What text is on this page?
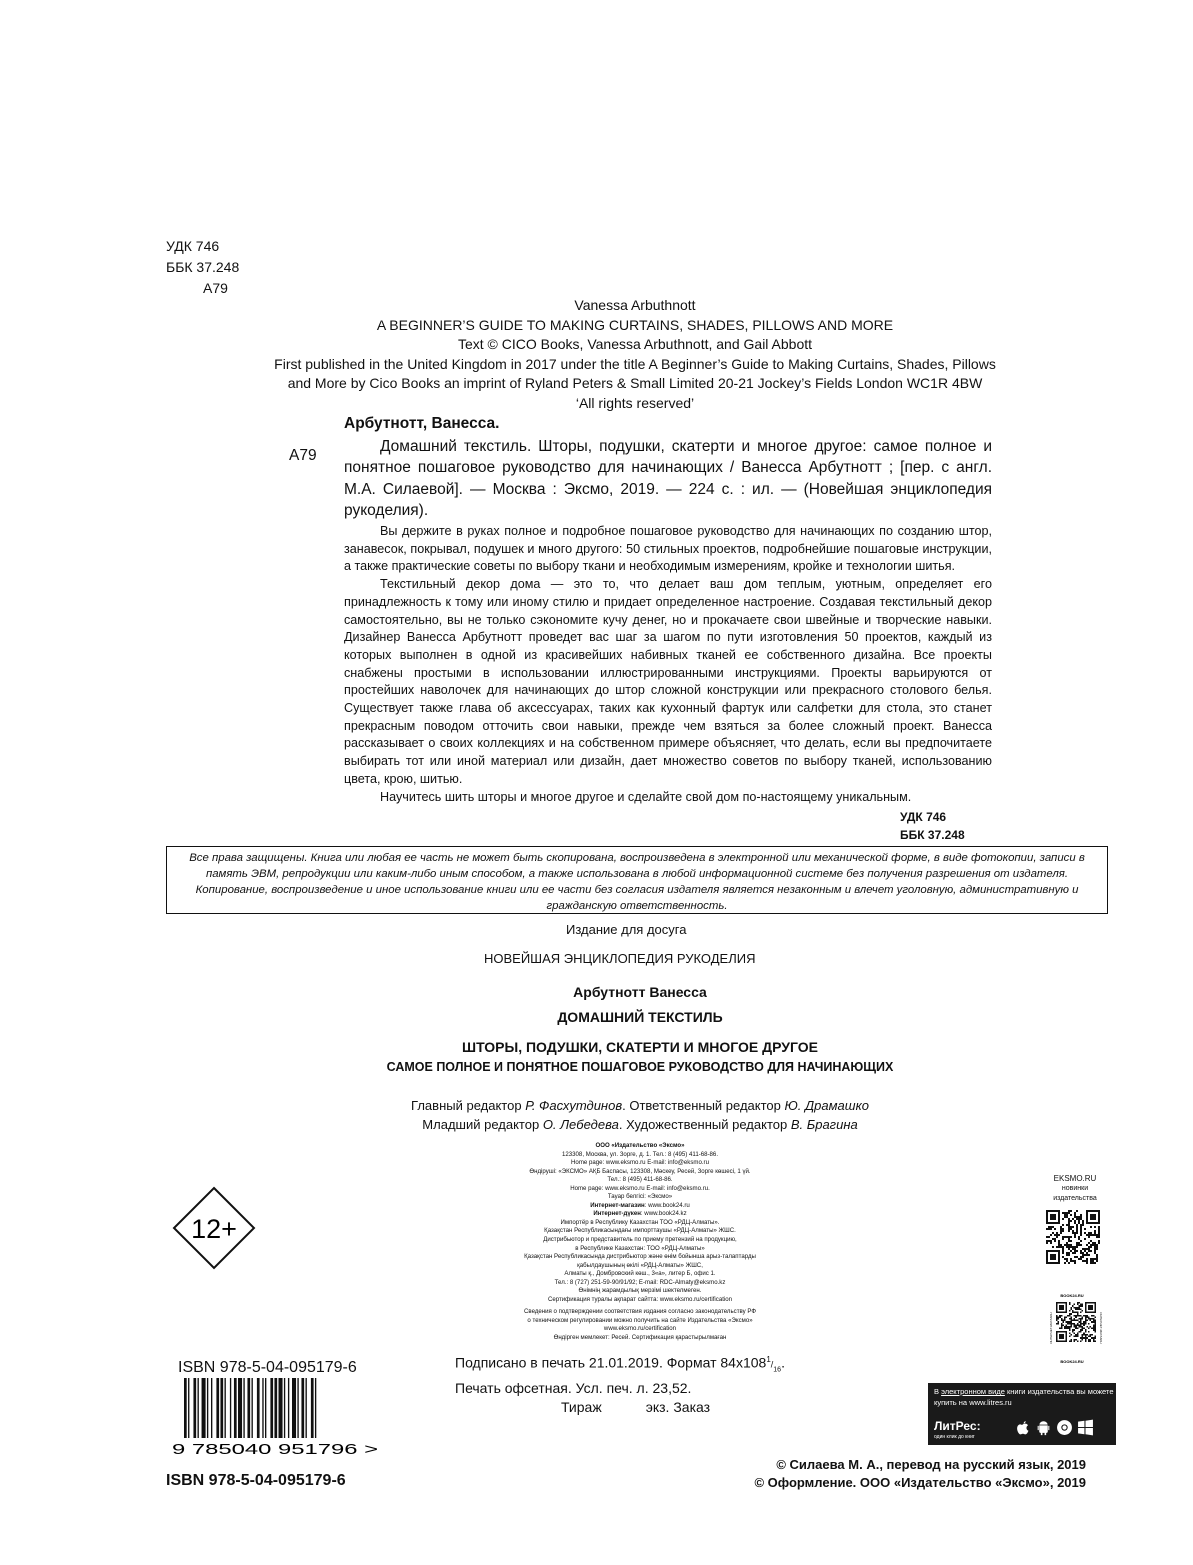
УДК 746
ББК 37.248
А79
Vanessa Arbuthnott
A BEGINNER’S GUIDE TO MAKING CURTAINS, SHADES, PILLOWS AND MORE
Text © CICO Books, Vanessa Arbuthnott, and Gail Abbott
First published in the United Kingdom in 2017 under the title A Beginner’s Guide to Making Curtains, Shades, Pillows
and More by Cico Books an imprint of Ryland Peters & Small Limited 20-21 Jockey’s Fields London WC1R 4BW
‘All rights reserved’
Арбутнотт, Ванесса.
А79

Домашний текстиль. Шторы, подушки, скатерти и многое другое: самое полное и понятное пошаговое руководство для начинающих / Ванесса Арбутнотт ; [пер. с англ. М.А. Силаевой]. — Москва : Эксмо, 2019. — 224 с. : ил. — (Новейшая энциклопедия рукоделия).

Вы держите в руках полное и подробное пошаговое руководство для начинающих по созданию штор, занавесок, покрывал, подушек и много другого: 50 стильных проектов, подробнейшие пошаговые инструкции, а также практические советы по выбору ткани и необходимым измерениям, кройке и технологии шитья.

Текстильный декор дома — это то, что делает ваш дом теплым, уютным, определяет его принадлежность к тому или иному стилю и придает определенное настроение. Создавая текстильный декор самостоятельно, вы не только сэкономите кучу денег, но и прокачаете свои швейные и творческие навыки. Дизайнер Ванесса Арбутнотт проведет вас шаг за шагом по пути изготовления 50 проектов, каждый из которых выполнен в одной из красивейших набивных тканей ее собственного дизайна. Все проекты снабжены простыми в использовании иллюстрированными инструкциями. Проекты варьируются от простейших наволочек для начинающих до штор сложной конструкции или прекрасного столового белья. Существует также глава об аксессуарах, таких как кухонный фартук или салфетки для стола, это станет прекрасным поводом отточить свои навыки, прежде чем взяться за более сложный проект. Ванесса рассказывает о своих коллекциях и на собственном примере объясняет, что делать, если вы предпочитаете выбирать тот или иной материал или дизайн, дает множество советов по выбору тканей, использованию цвета, крою, шитью.

Научитесь шить шторы и многое другое и сделайте свой дом по-настоящему уникальным.

УДК 746
ББК 37.248
Все права защищены. Книга или любая ее часть не может быть скопирована, воспроизведена в электронной или механической форме, в виде фотокопии, записи в память ЭВМ, репродукции или каким-либо иным способом, а также использована в любой информационной системе без получения разрешения от издателя. Копирование, воспроизведение и иное использование книги или ее части без согласия издателя является незаконным и влечет уголовную, административную и гражданскую ответственность.
Издание для досуга
НОВЕЙШАЯ ЭНЦИКЛОПЕДИЯ РУКОДЕЛИЯ
Арбутнотт Ванесса
ДОМАШНИЙ ТЕКСТИЛЬ
ШТОРЫ, ПОДУШКИ, СКАТЕРТИ И МНОГОЕ ДРУГОЕ
САМОЕ ПОЛНОЕ И ПОНЯТНОЕ ПОШАГОВОЕ РУКОВОДСТВО ДЛЯ НАЧИНАЮЩИХ
Главный редактор Р. Фасхутдинов. Ответственный редактор Ю. Драмашко
Младший редактор О. Лебедева. Художественный редактор В. Брагина
ООО «Издательство «Эксмо»
123308, Москва, ул. Зорге, д. 1. Тел.: 8 (495) 411-68-86.
Home page: www.eksmo.ru E-mail: info@eksmo.ru
Өндіруші: «ЭКСМО» АҚБ Баспасы, 123308, Мәскеу, Ресей, Зорге көшесі, 1 үй.
Тел.: 8 (495) 411-68-86.
Home page: www.eksmo.ru E-mail: info@eksmo.ru.
Тауар белгісі: «Эксмо»
Интернет-магазин: www.book24.ru
Интернет-дүкен: www.book24.kz
Импортёр в Республику Казахстан ТОО «РДЦ-Алматы».
Қазақстан Республикасындағы импорттаушы «РДЦ-Алматы» ЖШС.
Дистрибьютор и представитель по приему претензий на продукцию,
в Республике Казахстан: ТОО «РДЦ-Алматы»
Қазақстан Республикасында дистрибьютор және өнім бойынша арыз-талаптарды
қабылдаушының өкілі «РДЦ-Алматы» ЖШС,
Алматы қ., Домбровский көш., 3«а», литер Б, офис 1.
Тел.: 8 (727) 251-59-90/91/92; E-mail: RDC-Almaty@eksmo.kz
Өнімнің жарамдылық мерзімі шектелмеген.
Сертификация туралы ақпарат сайтта: www.eksmo.ru/certification
Сведения о подтверждении соответствия издания согласно законодательству РФ
о техническом регулировании можно получить на сайте Издательства «Эксмо»
www.eksmo.ru/certification
Өндірген мемлекет: Ресей. Сертификация қарастырылмаған
12+
EKSMO.RU
новинки издательства
BOOK24.RU
BOOK24.RU
ИНТЕРНЕТ-МАГАЗИН	ИНТЕРНЕТ-МАГАЗИН
ISBN 978-5-04-095179-6
9 785040 951796 >
Подписано в печать 21.01.2019. Формат $84х108^1/_{16}$.
Печать офсетная. Усл. печ. л. 23,52.
Тираж	экз. Заказ
В электронном виде книги издательства вы можете купить на www.litres.ru
ЛитРес:
один клик до книг
ISBN 978-5-04-095179-6
© Силаева М. А., перевод на русский язык, 2019
© Оформление. ООО «Издательство «Эксмо», 2019
